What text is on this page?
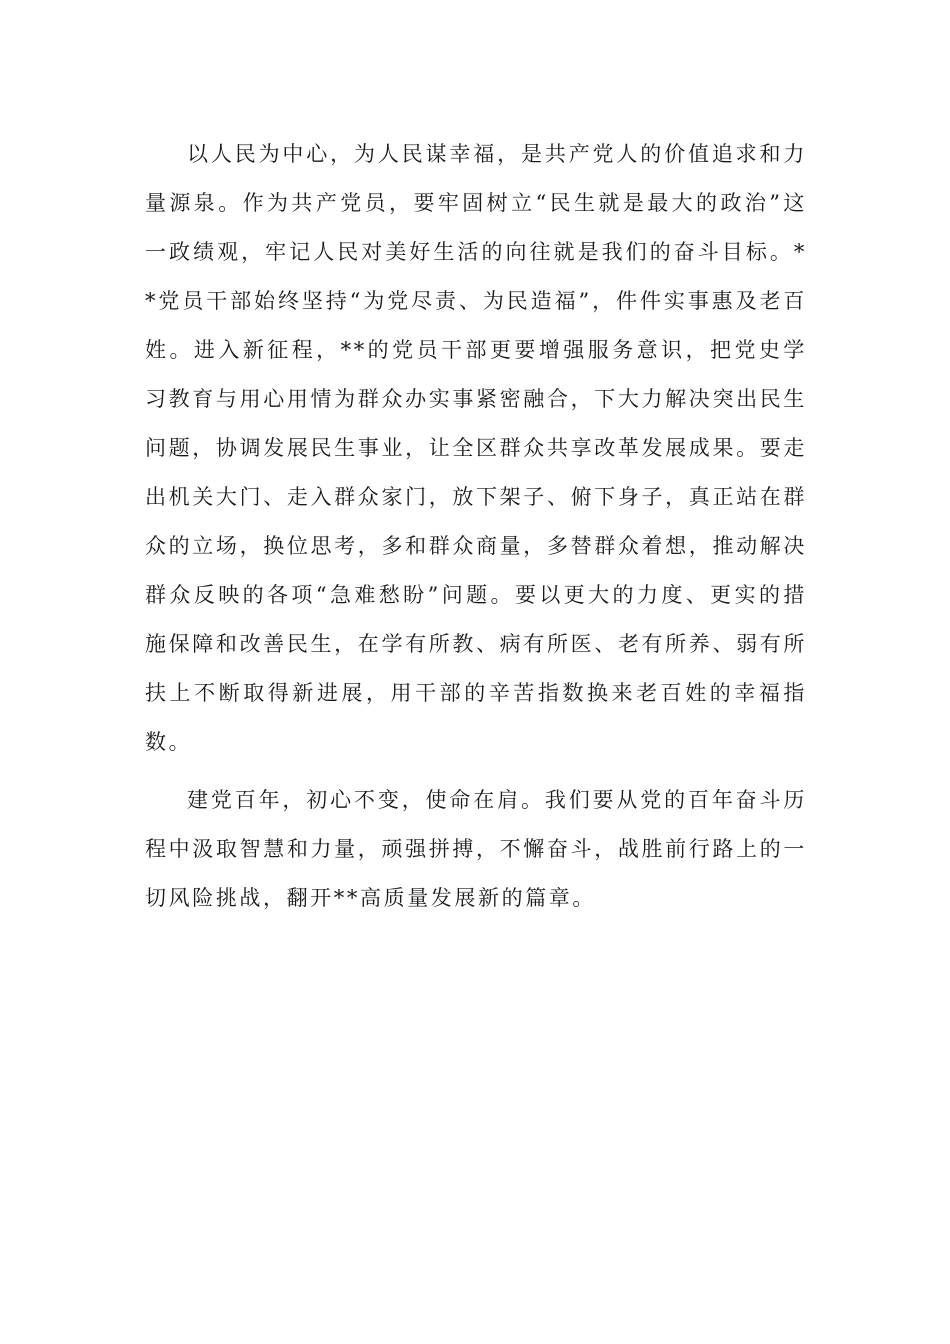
以人民为中心，为人民谋幸福，是共产党人的价值追求和力量源泉。作为共产党员，要牢固树立“民生就是最大的政治”这一政绩观，牢记人民对美好生活的向往就是我们的奋斗目标。**党员干部始终坚持“为党尽责、为民造福”，件件实事惠及老百姓。进入新征程，**的党员干部更要增强服务意识，把党史学习教育与用心用情为群众办实事紧密融合，下大力解决突出民生问题，协调发展民生事业，让全区群众共享改革发展成果。要走出机关大门、走入群众家门，放下架子、俯下身子，真正站在群众的立场，换位思考，多和群众商量，多替群众着想，推动解决群众反映的各项“急难愁盼”问题。要以更大的力度、更实的措施保障和改善民生，在学有所教、病有所医、老有所养、弱有所扶上不断取得新进展，用干部的辛苦指数换来老百姓的幸福指数。

建党百年，初心不变，使命在肩。我们要从党的百年奋斗历程中汲取智慧和力量，顽强拼搏，不懈奋斗，战胜前行路上的一切风险挑战，翻开**高质量发展新的篇章。
